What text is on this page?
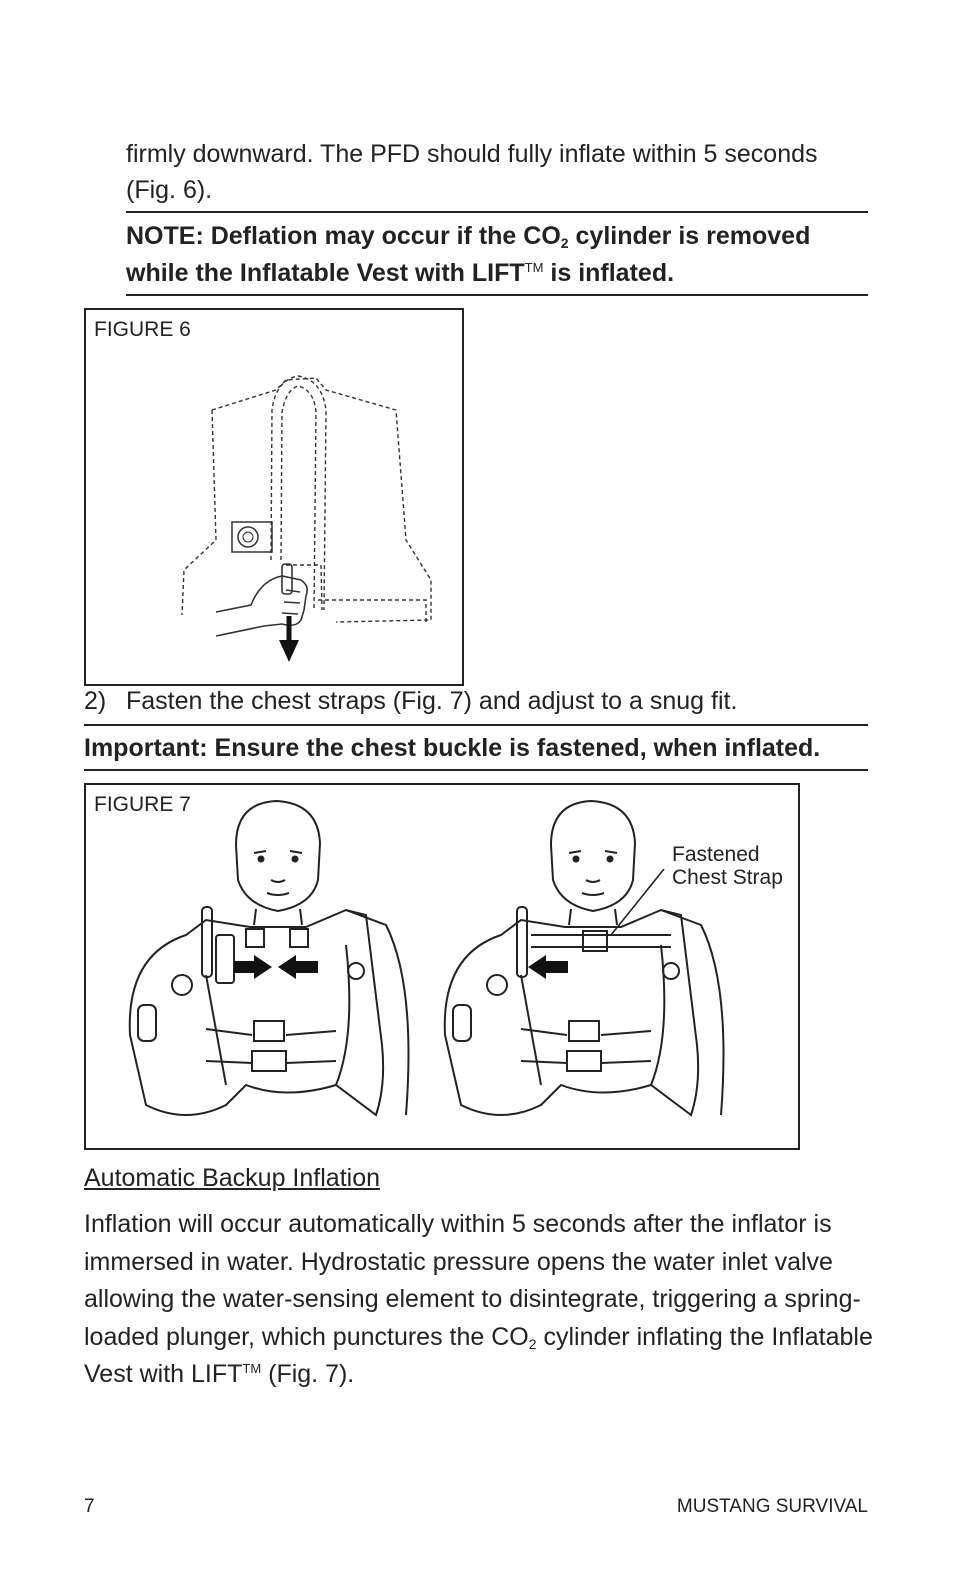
firmly downward. The PFD should fully inflate within 5 seconds (Fig. 6).
NOTE: Deflation may occur if the $CO_2$ cylinder is removed while the Inflatable Vest with LIFT™ is inflated.
FIGURE 6
2) Fasten the chest straps (Fig. 7) and adjust to a snug fit.
Important: Ensure the chest buckle is fastened, when inflated.
FIGURE 7
Fastened
Chest Strap
Automatic Backup Inflation
Inflation will occur automatically within 5 seconds after the inflator is immersed in water. Hydrostatic pressure opens the water inlet valve allowing the water-sensing element to disintegrate, triggering a spring-loaded plunger, which punctures the $CO_2$ cylinder inflating the Inflatable Vest with LIFT™ (Fig. 7).
7	MUSTANG SURVIVAL
